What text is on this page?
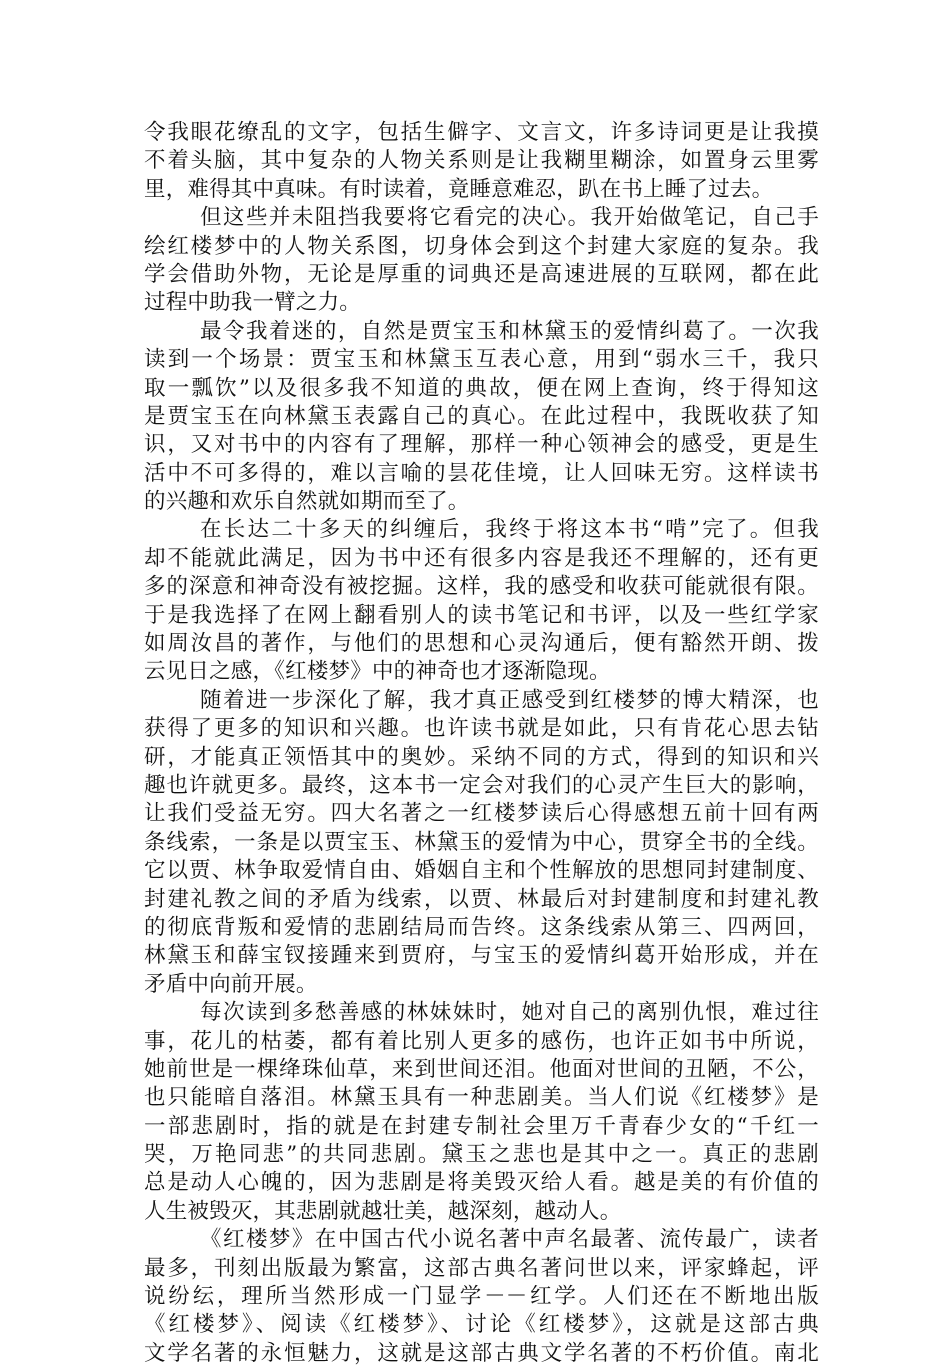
令我眼花缭乱的文字，包括生僻字、文言文，许多诗词更是让我摸
不着头脑，其中复杂的人物关系则是让我糊里糊涂，如置身云里雾
里，难得其中真味。有时读着，竟睡意难忍，趴在书上睡了过去。
但这些并未阻挡我要将它看完的决心。我开始做笔记，自己手
绘红楼梦中的人物关系图，切身体会到这个封建大家庭的复杂。我
学会借助外物，无论是厚重的词典还是高速进展的互联网，都在此
过程中助我一臂之力。
最令我着迷的，自然是贾宝玉和林黛玉的爱情纠葛了。一次我
读到一个场景：贾宝玉和林黛玉互表心意，用到“弱水三千，我只
取一瓢饮”以及很多我不知道的典故，便在网上查询，终于得知这
是贾宝玉在向林黛玉表露自己的真心。在此过程中，我既收获了知
识，又对书中的内容有了理解，那样一种心领神会的感受，更是生
活中不可多得的，难以言喻的昙花佳境，让人回味无穷。这样读书
的兴趣和欢乐自然就如期而至了。
在长达二十多天的纠缠后，我终于将这本书“啃”完了。但我
却不能就此满足，因为书中还有很多内容是我还不理解的，还有更
多的深意和神奇没有被挖掘。这样，我的感受和收获可能就很有限。
于是我选择了在网上翻看别人的读书笔记和书评，以及一些红学家
如周汝昌的著作，与他们的思想和心灵沟通后，便有豁然开朗、拨
云见日之感，《红楼梦》中的神奇也才逐渐隐现。
随着进一步深化了解，我才真正感受到红楼梦的博大精深，也
获得了更多的知识和兴趣。也许读书就是如此，只有肯花心思去钻
研，才能真正领悟其中的奥妙。采纳不同的方式，得到的知识和兴
趣也许就更多。最终，这本书一定会对我们的心灵产生巨大的影响，
让我们受益无穷。四大名著之一红楼梦读后心得感想五前十回有两
条线索，一条是以贾宝玉、林黛玉的爱情为中心，贯穿全书的全线。
它以贾、林争取爱情自由、婚姻自主和个性解放的思想同封建制度、
封建礼教之间的矛盾为线索，以贾、林最后对封建制度和封建礼教
的彻底背叛和爱情的悲剧结局而告终。这条线索从第三、四两回，
林黛玉和薛宝钗接踵来到贾府，与宝玉的爱情纠葛开始形成，并在
矛盾中向前开展。
每次读到多愁善感的林妹妹时，她对自己的离别仇恨，难过往
事，花儿的枯萎，都有着比别人更多的感伤，也许正如书中所说，
她前世是一棵绛珠仙草，来到世间还泪。他面对世间的丑陋，不公，
也只能暗自落泪。林黛玉具有一种悲剧美。当人们说《红楼梦》是
一部悲剧时，指的就是在封建专制社会里万千青春少女的“千红一
哭，万艳同悲”的共同悲剧。黛玉之悲也是其中之一。真正的悲剧
总是动人心魄的，因为悲剧是将美毁灭给人看。越是美的有价值的
人生被毁灭，其悲剧就越壮美，越深刻，越动人。
《红楼梦》在中国古代小说名著中声名最著、流传最广，读者
最多，刊刻出版最为繁富，这部古典名著问世以来，评家蜂起，评
说纷纭，理所当然形成一门显学－－红学。人们还在不断地出版
《红楼梦》、阅读《红楼梦》、讨论《红楼梦》，这就是这部古典
文学名著的永恒魅力，这就是这部古典文学名著的不朽价值。南北
